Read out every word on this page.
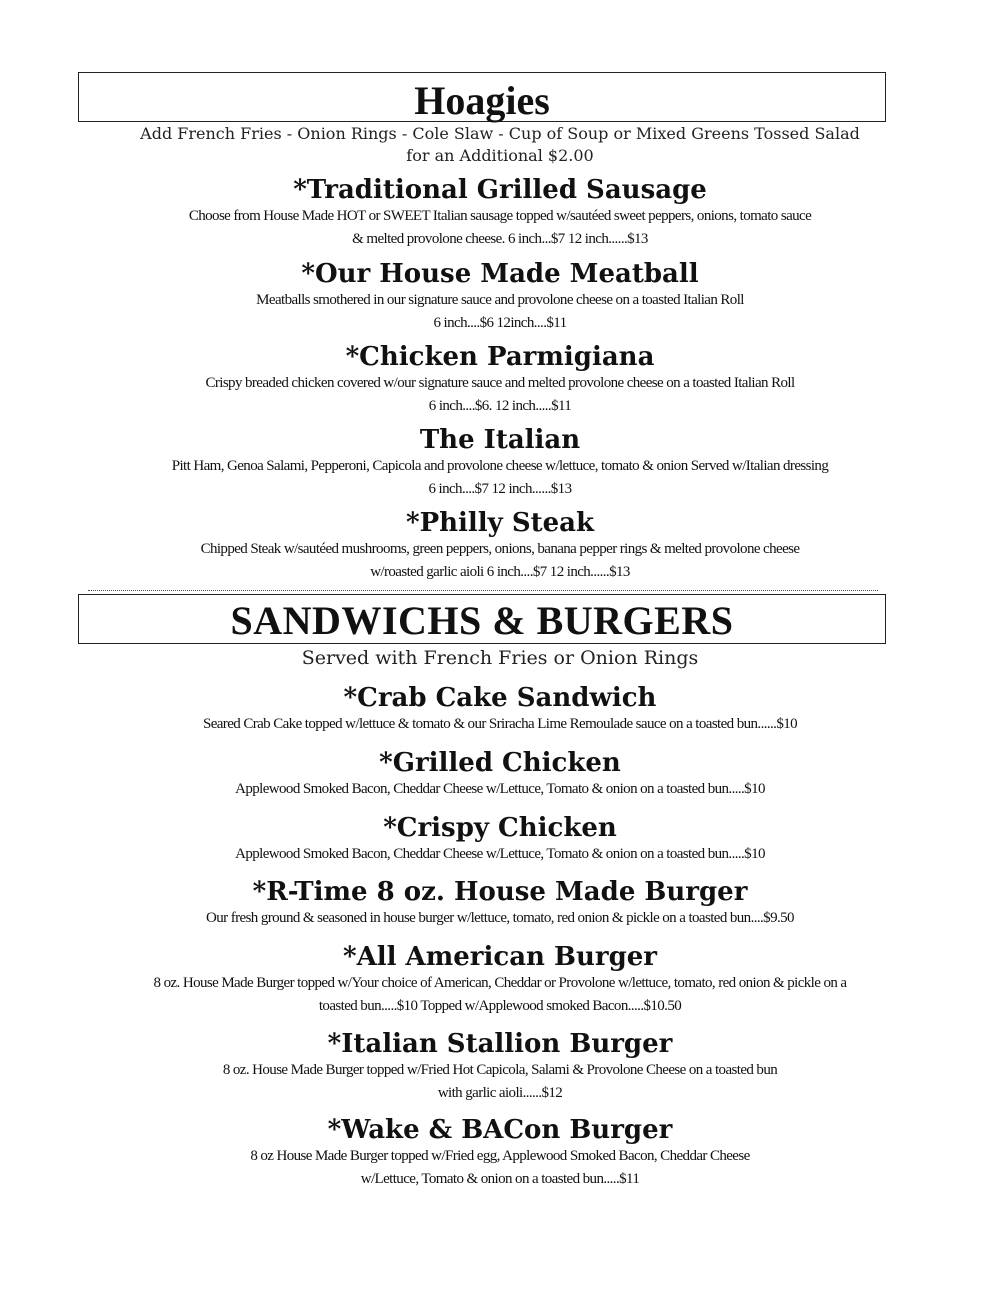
Hoagies
Add French Fries - Onion Rings - Cole Slaw - Cup of Soup or Mixed Greens Tossed Salad
for an Additional $2.00
*Traditional Grilled Sausage
Choose from House Made HOT or SWEET Italian sausage topped w/sautéed sweet peppers, onions, tomato sauce
& melted provolone cheese. 6 inch...$7 12 inch......$13
*Our House Made Meatball
Meatballs smothered in our signature sauce and provolone cheese on a toasted Italian Roll
6 inch....$6 12inch....$11
*Chicken Parmigiana
Crispy breaded chicken covered w/our signature sauce and melted provolone cheese on a toasted Italian Roll
6 inch....$6. 12 inch.....$11
The Italian
Pitt Ham, Genoa Salami, Pepperoni, Capicola and provolone cheese w/lettuce, tomato & onion Served w/Italian dressing
6 inch....$7 12 inch......$13
*Philly Steak
Chipped Steak w/sautéed mushrooms, green peppers, onions, banana pepper rings & melted provolone cheese
w/roasted garlic aioli 6 inch....$7 12 inch......$13
SANDWICHS & BURGERS
Served with French Fries or Onion Rings
*Crab Cake Sandwich
Seared Crab Cake topped w/lettuce & tomato & our Sriracha Lime Remoulade sauce on a toasted bun......$10
*Grilled Chicken
Applewood Smoked Bacon, Cheddar Cheese w/Lettuce, Tomato & onion on a toasted bun.....$10
*Crispy Chicken
Applewood Smoked Bacon, Cheddar Cheese w/Lettuce, Tomato & onion on a toasted bun.....$10
*R-Time 8 oz. House Made Burger
Our fresh ground & seasoned in house burger w/lettuce, tomato, red onion & pickle on a toasted bun....$9.50
*All American Burger
8 oz. House Made Burger topped w/Your choice of American, Cheddar or Provolone w/lettuce, tomato, red onion & pickle on a
toasted bun.....$10 Topped w/Applewood smoked Bacon.....$10.50
*Italian Stallion Burger
8 oz. House Made Burger topped w/Fried Hot Capicola, Salami & Provolone Cheese on a toasted bun
with garlic aioli......$12
*Wake & BACon Burger
8 oz House Made Burger topped w/Fried egg, Applewood Smoked Bacon, Cheddar Cheese
w/Lettuce, Tomato & onion on a toasted bun.....$11
